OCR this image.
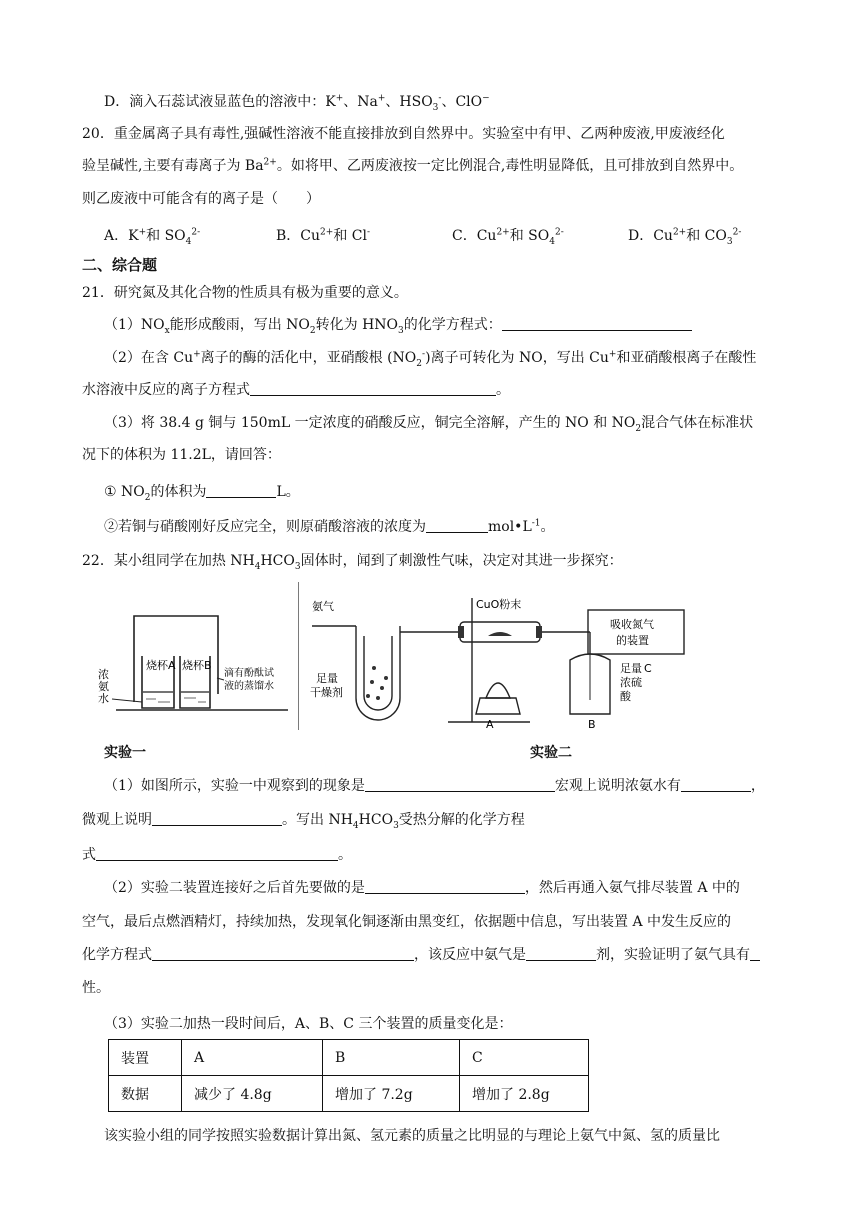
D．滴入石蕊试液显蓝色的溶液中：K+、Na+、$HSO_3^-$、ClO−
20．重金属离子具有毒性,强碱性溶液不能直接排放到自然界中。实验室中有甲、乙两种废液,甲废液经化
验呈碱性,主要有毒离子为 $Ba^{2+}$。如将甲、乙两废液按一定比例混合,毒性明显降低，且可排放到自然界中。
则乙废液中可能含有的离子是（　　）
A．K+和 $SO_4^{2-}$	B．$Cu^{2+}$和 Cl-	C．$Cu^{2+}$和 $SO_4^{2-}$	D．$Cu^{2+}$和 $CO_3^{2-}$
二、综合题
21．研究氮及其化合物的性质具有极为重要的意义。
$(1)NO_x$能形成酸雨，写出 $NO_2$转化为 $HNO_3$的化学方程式：
（2）在含 Cu+离子的酶的活化中，亚硝酸根 $(NO_2^-)$离子可转化为 NO，写出 Cu+和亚硝酸根离子在酸性
水溶液中反应的离子方程式	。
（3）将 38.4 g 铜与 150mL 一定浓度的硝酸反应，铜完全溶解，产生的 NO 和 $NO_2$混合气体在标准状
况下的体积为 11.2L，请回答：
① $NO_2$的体积为	L。
②若铜与硝酸刚好反应完全，则原硝酸溶液的浓度为	$mol•L^{-1}$。
22．某小组同学在加热 $NH_4HCO_3$固体时，闻到了刺激性气味，决定对其进一步探究：
烧杯A 烧杯B
浓
氨
水
滴有酚酞试
液的蒸馏水
氨气	CuO粉末
足量
干燥剂
吸收氮气
的装置
C
足量
浓硫
酸
A	B
实验一	实验二
（1）如图所示，实验一中观察到的现象是	宏观上说明浓氨水有	，
微观上说明	。写出 $NH_4HCO_3$受热分解的化学方程
式	。
（2）实验二装置连接好之后首先要做的是	，然后再通入氨气排尽装置 A 中的
空气，最后点燃酒精灯，持续加热，发现氧化铜逐渐由黑变红，依据题中信息，写出装置 A 中发生反应的
化学方程式	，该反应中氨气是	剂，实验证明了氨气具有
性。
（3）实验二加热一段时间后，A、B、C 三个装置的质量变化是：
装置	A	B	C
数据	减少了 4.8g	增加了 7.2g	增加了 2.8g
该实验小组的同学按照实验数据计算出氮、氢元素的质量之比明显的与理论上氨气中氮、氢的质量比
